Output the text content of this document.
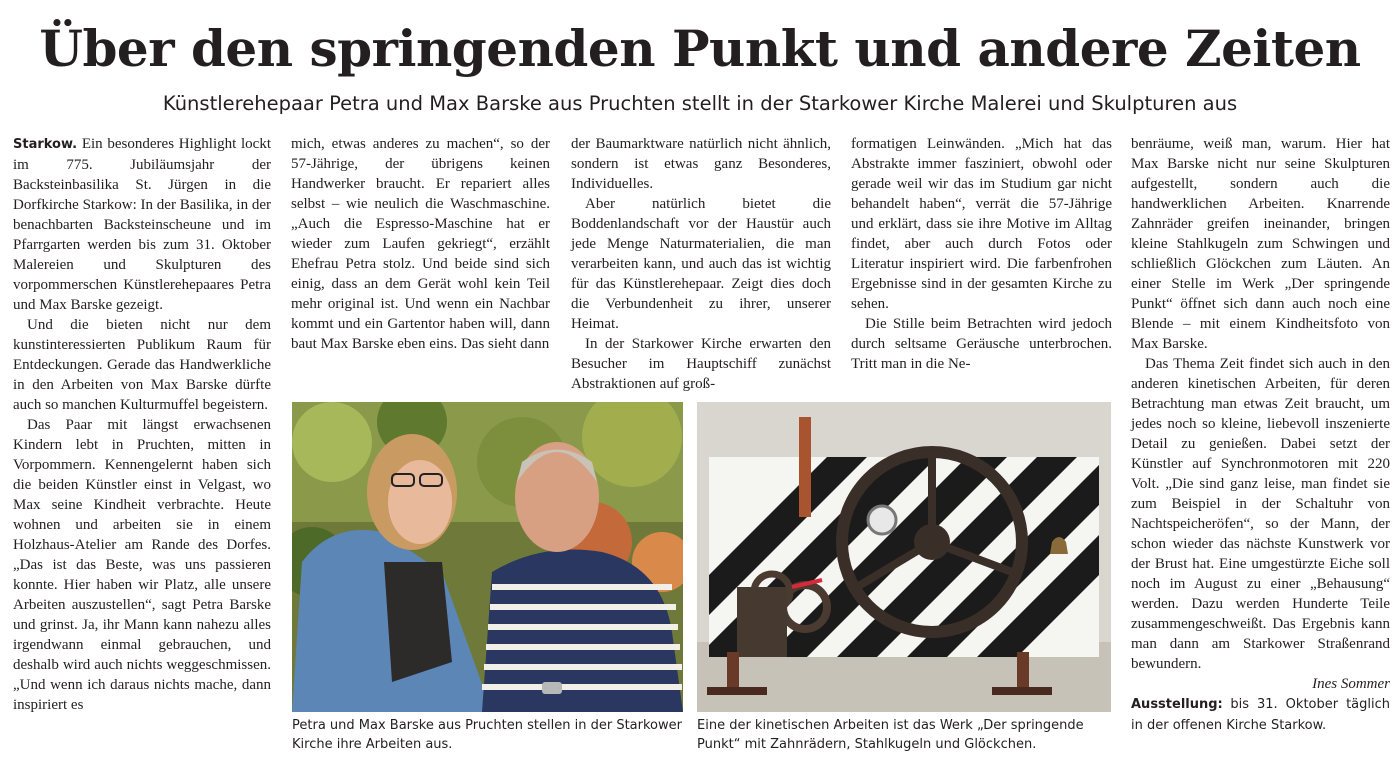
Über den springenden Punkt und andere Zeiten
Künstlerehepaar Petra und Max Barske aus Pruchten stellt in der Starkower Kirche Malerei und Skulpturen aus

Starkow. Ein besonderes Highlight lockt im 775. Jubiläumsjahr der Backsteinbasilika St. Jürgen in die Dorfkirche Starkow: In der Basilika, in der benachbarten Backsteinscheune und im Pfarrgarten werden bis zum 31. Oktober Malereien und Skulpturen des vorpommerschen Künstlerehepaares Petra und Max Barske gezeigt.

Und die bieten nicht nur dem kunstinteressierten Publikum Raum für Entdeckungen. Gerade das Handwerkliche in den Arbeiten von Max Barske dürfte auch so manchen Kulturmuffel begeistern.

Das Paar mit längst erwachsenen Kindern lebt in Pruchten, mitten in Vorpommern. Kennengelernt haben sich die beiden Künstler einst in Velgast, wo Max seine Kindheit verbrachte. Heute wohnen und arbeiten sie in einem Holzhaus-Atelier am Rande des Dorfes. „Das ist das Beste, was uns passieren konnte. Hier haben wir Platz, alle unsere Arbeiten auszustellen“, sagt Petra Barske und grinst. Ja, ihr Mann kann nahezu alles irgendwann einmal gebrauchen, und deshalb wird auch nichts weggeschmissen. „Und wenn ich daraus nichts mache, dann inspiriert es

mich, etwas anderes zu machen“, so der 57-Jährige, der übrigens keinen Handwerker braucht. Er repariert alles selbst – wie neulich die Waschmaschine. „Auch die Espresso-Maschine hat er wieder zum Laufen gekriegt“, erzählt Ehefrau Petra stolz. Und beide sind sich einig, dass an dem Gerät wohl kein Teil mehr original ist. Und wenn ein Nachbar kommt und ein Gartentor haben will, dann baut Max Barske eben eins. Das sieht dann

der Baumarktware natürlich nicht ähnlich, sondern ist etwas ganz Besonderes, Individuelles.

Aber natürlich bietet die Boddenlandschaft vor der Haustür auch jede Menge Naturmaterialien, die man verarbeiten kann, und auch das ist wichtig für das Künstlerehepaar. Zeigt dies doch die Verbundenheit zu ihrer, unserer Heimat.

In der Starkower Kirche erwarten den Besucher im Hauptschiff zunächst Abstraktionen auf groß-

formatigen Leinwänden. „Mich hat das Abstrakte immer fasziniert, obwohl oder gerade weil wir das im Studium gar nicht behandelt haben“, verrät die 57-Jährige und erklärt, dass sie ihre Motive im Alltag findet, aber auch durch Fotos oder Literatur inspiriert wird. Die farbenfrohen Ergebnisse sind in der gesamten Kirche zu sehen.

Die Stille beim Betrachten wird jedoch durch seltsame Geräusche unterbrochen. Tritt man in die Ne-

benräume, weiß man, warum. Hier hat Max Barske nicht nur seine Skulpturen aufgestellt, sondern auch die handwerklichen Arbeiten. Knarrende Zahnräder greifen ineinander, bringen kleine Stahlkugeln zum Schwingen und schließlich Glöckchen zum Läuten. An einer Stelle im Werk „Der springende Punkt“ öffnet sich dann auch noch eine Blende – mit einem Kindheitsfoto von Max Barske.

Das Thema Zeit findet sich auch in den anderen kinetischen Arbeiten, für deren Betrachtung man etwas Zeit braucht, um jedes noch so kleine, liebevoll inszenierte Detail zu genießen. Dabei setzt der Künstler auf Synchronmotoren mit 220 Volt. „Die sind ganz leise, man findet sie zum Beispiel in der Schaltuhr von Nachtspeicheröfen“, so der Mann, der schon wieder das nächste Kunstwerk vor der Brust hat. Eine umgestürzte Eiche soll noch im August zu einer „Behausung“ werden. Dazu werden Hunderte Teile zusammengeschweißt. Das Ergebnis kann man dann am Starkower Straßenrand bewundern.

Ines Sommer

Ausstellung: bis 31. Oktober täglich in der offenen Kirche Starkow.

Petra und Max Barske aus Pruchten stellen in der Starkower Kirche ihre Arbeiten aus.
Eine der kinetischen Arbeiten ist das Werk „Der springende Punkt“ mit Zahnrädern, Stahlkugeln und Glöckchen.
